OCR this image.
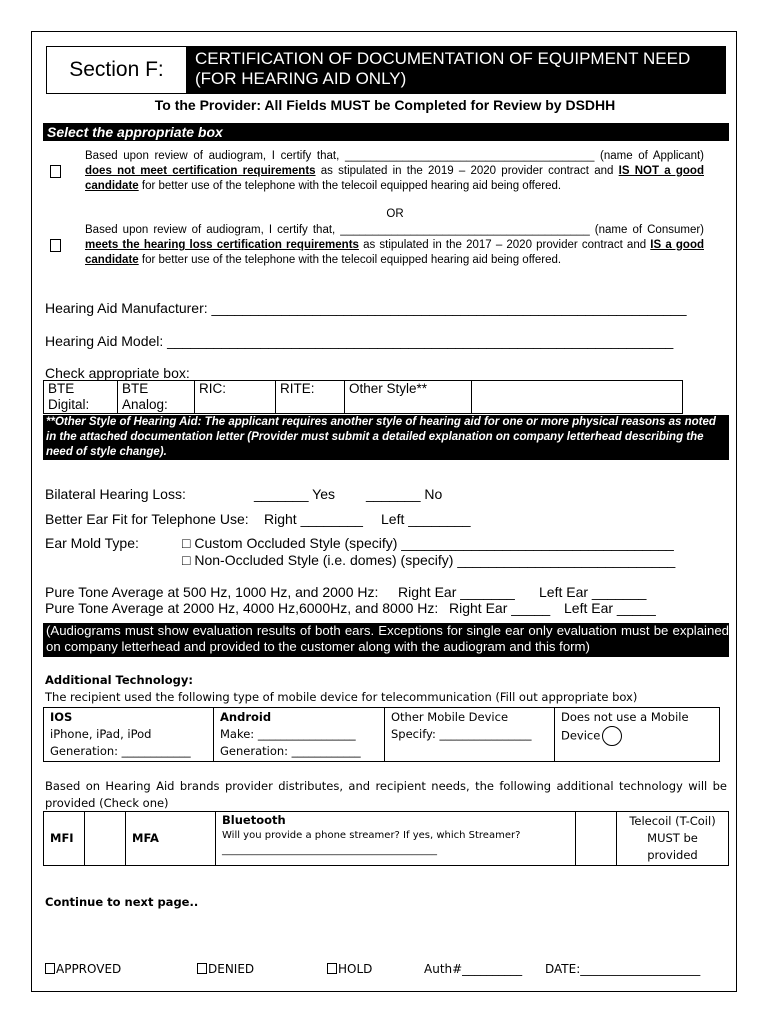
Section F:	CERTIFICATION OF DOCUMENTATION OF EQUIPMENT NEED
(FOR HEARING AID ONLY)
To the Provider: All Fields MUST be Completed for Review by DSDHH
Select the appropriate box
Based upon review of audiogram, I certify that, _______________________________________ (name of Applicant) does not meet certification requirements as stipulated in the 2019 – 2020 provider contract and IS NOT a good candidate for better use of the telephone with the telecoil equipped hearing aid being offered.
OR
Based upon review of audiogram, I certify that, _______________________________________ (name of Consumer) meets the hearing loss certification requirements as stipulated in the 2017 – 2020 provider contract and IS a good candidate for better use of the telephone with the telecoil equipped hearing aid being offered.
Hearing Aid Manufacturer: _____________________________________________________________
Hearing Aid Model: _________________________________________________________________
Check appropriate box:
BTE Digital:	BTE Analog:	RIC:	RITE:	Other Style**	
**Other Style of Hearing Aid: The applicant requires another style of hearing aid for one or more physical reasons as noted in the attached documentation letter (Provider must submit a detailed explanation on company letterhead describing the need of style change).
Bilateral Hearing Loss:	_______ Yes _______ No
Better Ear Fit for Telephone Use: Right ________ Left ________
Ear Mold Type:	□ Custom Occluded Style (specify) ___________________________________
□ Non-Occluded Style (i.e. domes) (specify) ____________________________
Pure Tone Average at 500 Hz, 1000 Hz, and 2000 Hz: Right Ear _______ Left Ear _______
Pure Tone Average at 2000 Hz, 4000 Hz,6000Hz, and 8000 Hz: Right Ear _____ Left Ear _____
(Audiograms must show evaluation results of both ears. Exceptions for single ear only evaluation must be explained on company letterhead and provided to the customer along with the audiogram and this form)
Additional Technology:
The recipient used the following type of mobile device for telecommunication (Fill out appropriate box)
IOS
iPhone, iPad, iPod
Generation: ____________

Android
Make: _________________
Generation: ____________

Other Mobile Device
Specify: ________________
	Does not use a Mobile Device
Based on Hearing Aid brands provider distributes, and recipient needs, the following additional technology will be provided (Check one)
MFI		MFA	
Bluetooth
Will you provide a phone streamer? If yes, which Streamer?
___________________________________________

Telecoil (T-Coil)
MUST be provided
Continue to next page..
APPROVED	DENIED	HOLD	Auth#__________ DATE:____________________
